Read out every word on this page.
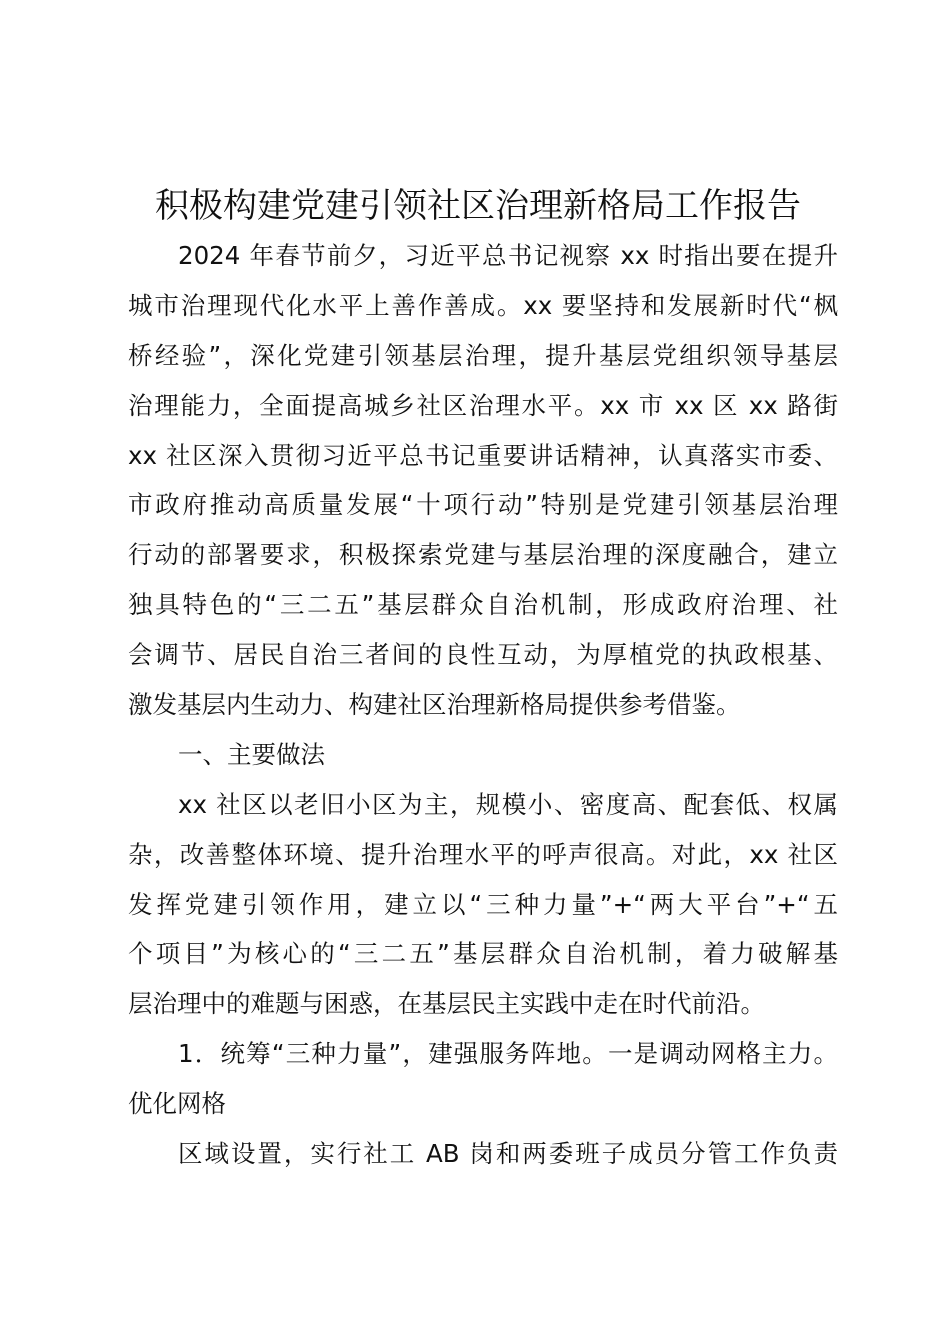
积极构建党建引领社区治理新格局工作报告
2024 年春节前夕，习近平总书记视察 xx 时指出要在提升
城市治理现代化水平上善作善成。xx 要坚持和发展新时代“枫
桥经验”，深化党建引领基层治理，提升基层党组织领导基层
治理能力，全面提高城乡社区治理水平。xx 市 xx 区 xx 路街
xx 社区深入贯彻习近平总书记重要讲话精神，认真落实市委、
市政府推动高质量发展“十项行动”特别是党建引领基层治理
行动的部署要求，积极探索党建与基层治理的深度融合，建立
独具特色的“三二五”基层群众自治机制，形成政府治理、社
会调节、居民自治三者间的良性互动，为厚植党的执政根基、
激发基层内生动力、构建社区治理新格局提供参考借鉴。
一、主要做法
xx 社区以老旧小区为主，规模小、密度高、配套低、权属
杂，改善整体环境、提升治理水平的呼声很高。对此，xx 社区
发挥党建引领作用，建立以“三种力量”+“两大平台”+“五
个项目”为核心的“三二五”基层群众自治机制，着力破解基
层治理中的难题与困惑，在基层民主实践中走在时代前沿。
1．统筹“三种力量”，建强服务阵地。一是调动网格主力。
优化网格
区域设置，实行社工 AB 岗和两委班子成员分管工作负责
